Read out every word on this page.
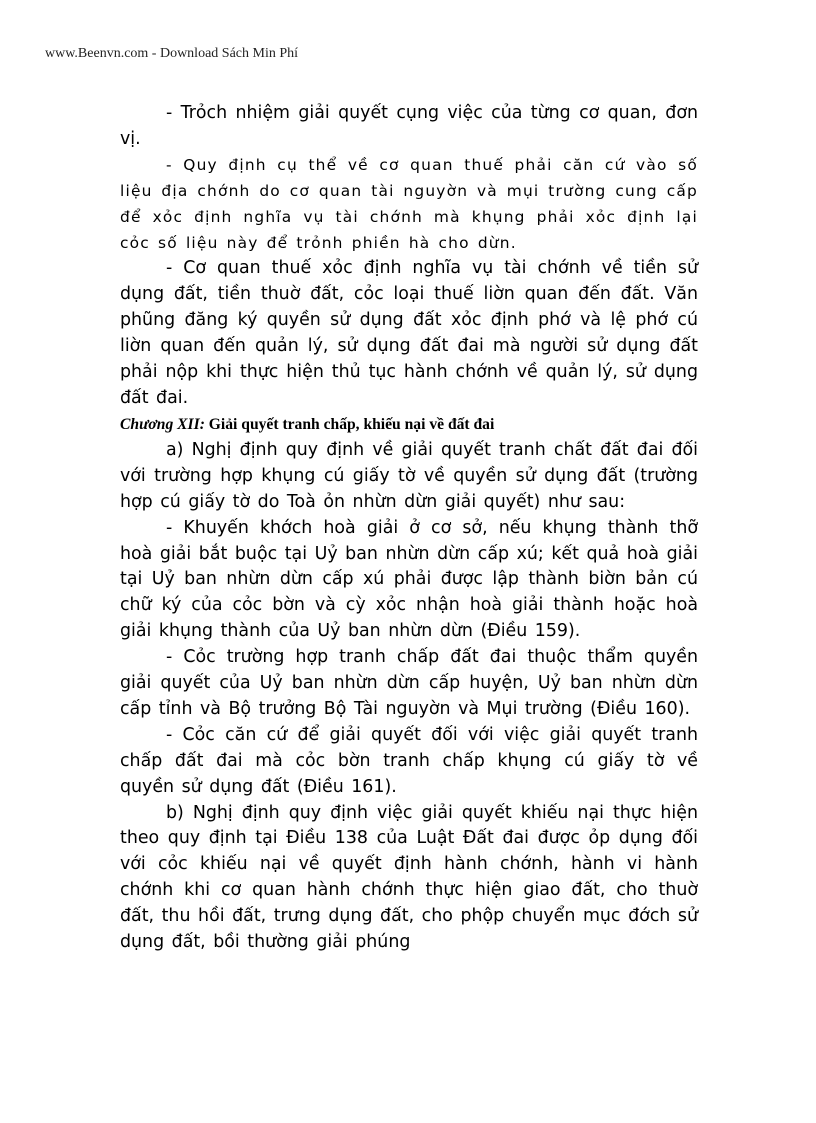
www.Beenvn.com - Download Sách Min Phí

- Trỏch nhiệm giải quyết cụng việc của từng cơ quan, đơn vị.

- Quy định cụ thể về cơ quan thuế phải căn cứ vào số liệu địa chớnh do cơ quan tài nguyờn và mụi trường cung cấp để xỏc định nghĩa vụ tài chớnh mà khụng phải xỏc định lại cỏc số liệu này để trỏnh phiền hà cho dừn.

- Cơ quan thuế xỏc định nghĩa vụ tài chớnh về tiền sử dụng đất, tiền thuờ đất, cỏc loại thuế liờn quan đến đất. Văn phũng đăng ký quyền sử dụng đất xỏc định phớ và lệ phớ cú liờn quan đến quản lý, sử dụng đất đai mà người sử dụng đất phải nộp khi thực hiện thủ tục hành chớnh về quản lý, sử dụng đất đai.

Chương XII: Giải quyết tranh chấp, khiếu nại về đất đai

a) Nghị định quy định về giải quyết tranh chất đất đai đối với trường hợp khụng cú giấy tờ về quyền sử dụng đất (trường hợp cú giấy tờ do Toà ỏn nhừn dừn giải quyết) như sau:

- Khuyến khớch hoà giải ở cơ sở, nếu khụng thành thỡ hoà giải bắt buộc tại Uỷ ban nhừn dừn cấp xú; kết quả hoà giải tại Uỷ ban nhừn dừn cấp xú phải được lập thành biờn bản cú chữ ký của cỏc bờn và cỳ xỏc nhận hoà giải thành hoặc hoà giải khụng thành của Uỷ ban nhừn dừn (Điều 159).

- Cỏc trường hợp tranh chấp đất đai thuộc thẩm quyền giải quyết của Uỷ ban nhừn dừn cấp huyện, Uỷ ban nhừn dừn cấp tỉnh và Bộ trưởng Bộ Tài nguyờn và Mụi trường (Điều 160).

- Cỏc căn cứ để giải quyết đối với việc giải quyết tranh chấp đất đai mà cỏc bờn tranh chấp khụng cú giấy tờ về quyền sử dụng đất (Điều 161).

b) Nghị định quy định việc giải quyết khiếu nại thực hiện theo quy định tại Điều 138 của Luật Đất đai được ỏp dụng đối với cỏc khiếu nại về quyết định hành chớnh, hành vi hành chớnh khi cơ quan hành chớnh thực hiện giao đất, cho thuờ đất, thu hồi đất, trưng dụng đất, cho phộp chuyển mục đớch sử dụng đất, bồi thường giải phúng
